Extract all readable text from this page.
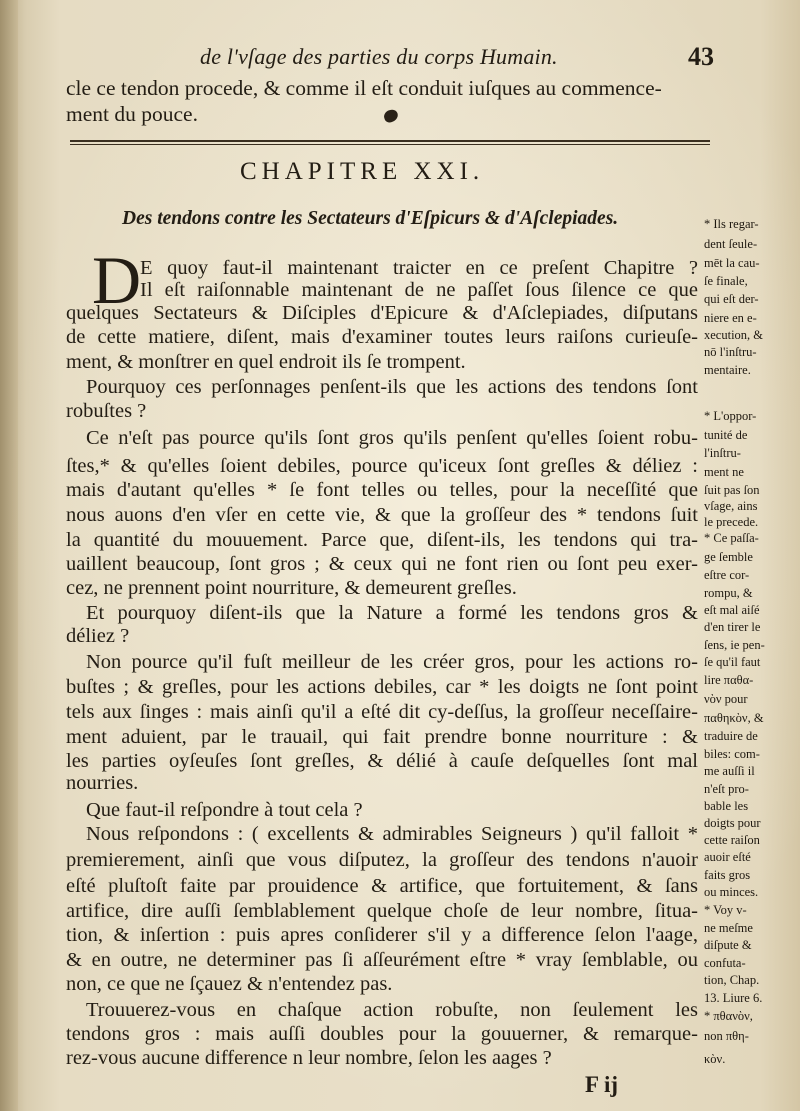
de l'vſage des parties du corps Humain.	43
cle ce tendon procede, & comme il eſt conduit iuſques au commence-
ment du pouce.
CHAPITRE XXI.
Des tendons contre les Sectateurs d'Eſpicurs & d'Aſclepiades.
D
E quoy faut-il maintenant traicter en ce preſent Chapitre ?
Il eſt raiſonnable maintenant de ne paſſet ſous ſilence ce que
quelques Sectateurs & Diſciples d'Epicure & d'Aſclepiades, diſputans
de cette matiere, diſent, mais d'examiner toutes leurs raiſons curieuſe-
ment, & monſtrer en quel endroit ils ſe trompent.
Pourquoy ces perſonnages penſent-ils que les actions des tendons ſont
robuſtes ?
Ce n'eſt pas pource qu'ils ſont gros qu'ils penſent qu'elles ſoient robu-
ſtes,* & qu'elles ſoient debiles, pource qu'iceux ſont greſles & déliez :
mais d'autant qu'elles * ſe font telles ou telles, pour la neceſſité que
nous auons d'en vſer en cette vie, & que la groſſeur des * tendons ſuit
la quantité du mouuement. Parce que, diſent-ils, les tendons qui tra-
uaillent beaucoup, ſont gros ; & ceux qui ne font rien ou ſont peu exer-
cez, ne prennent point nourriture, & demeurent greſles.
Et pourquoy diſent-ils que la Nature a formé les tendons gros &
déliez ?
Non pource qu'il fuſt meilleur de les créer gros, pour les actions ro-
buſtes ; & greſles, pour les actions debiles, car * les doigts ne ſont point
tels aux ſinges : mais ainſi qu'il a eſté dit cy-deſſus, la groſſeur neceſſaire-
ment aduient, par le trauail, qui fait prendre bonne nourriture : &
les parties oyſeuſes ſont greſles, & délié à cauſe deſquelles ſont mal
nourries.
Que faut-il reſpondre à tout cela ?
Nous reſpondons : ( excellents & admirables Seigneurs ) qu'il falloit *
premierement, ainſi que vous diſputez, la groſſeur des tendons n'auoir
eſté pluſtoſt faite par prouidence & artifice, que fortuitement, & ſans
artifice, dire auſſi ſemblablement quelque choſe de leur nombre, ſitua-
tion, & inſertion : puis apres conſiderer s'il y a difference ſelon l'aage,
& en outre, ne determiner pas ſi aſſeurément eſtre * vray ſemblable, ou
non, ce que ne ſçauez & n'entendez pas.
Trouuerez-vous en chaſque action robuſte, non ſeulement les
tendons gros : mais auſſi doubles pour la gouuerner, & remarque-
rez-vous aucune difference n leur nombre, ſelon les aages ?
* Ils regar-
dent ſeule-
mēt la cau-
ſe finale,
qui eſt der-
niere en e-
xecution, &
nō l'inſtru-
mentaire.
* L'oppor-
tunité de
l'inſtru-
ment ne
ſuit pas ſon
vſage, ains
le precede.
* Ce paſſa-
ge ſemble
eſtre cor-
rompu, &
eſt mal aiſé
d'en tirer le
ſens, ie pen-
ſe qu'il faut
lire παθα-
νὸν pour
παθηκὸν, &
traduire de
biles: com-
me auſſi il
n'eſt pro-
bable les
doigts pour
cette raiſon
auoir eſté
faits gros
ou minces.
* Voy v-
ne meſme
diſpute &
confuta-
tion, Chap.
13. Liure 6.
* πθανὸν,
non πθη-
κὸν.
F ij
